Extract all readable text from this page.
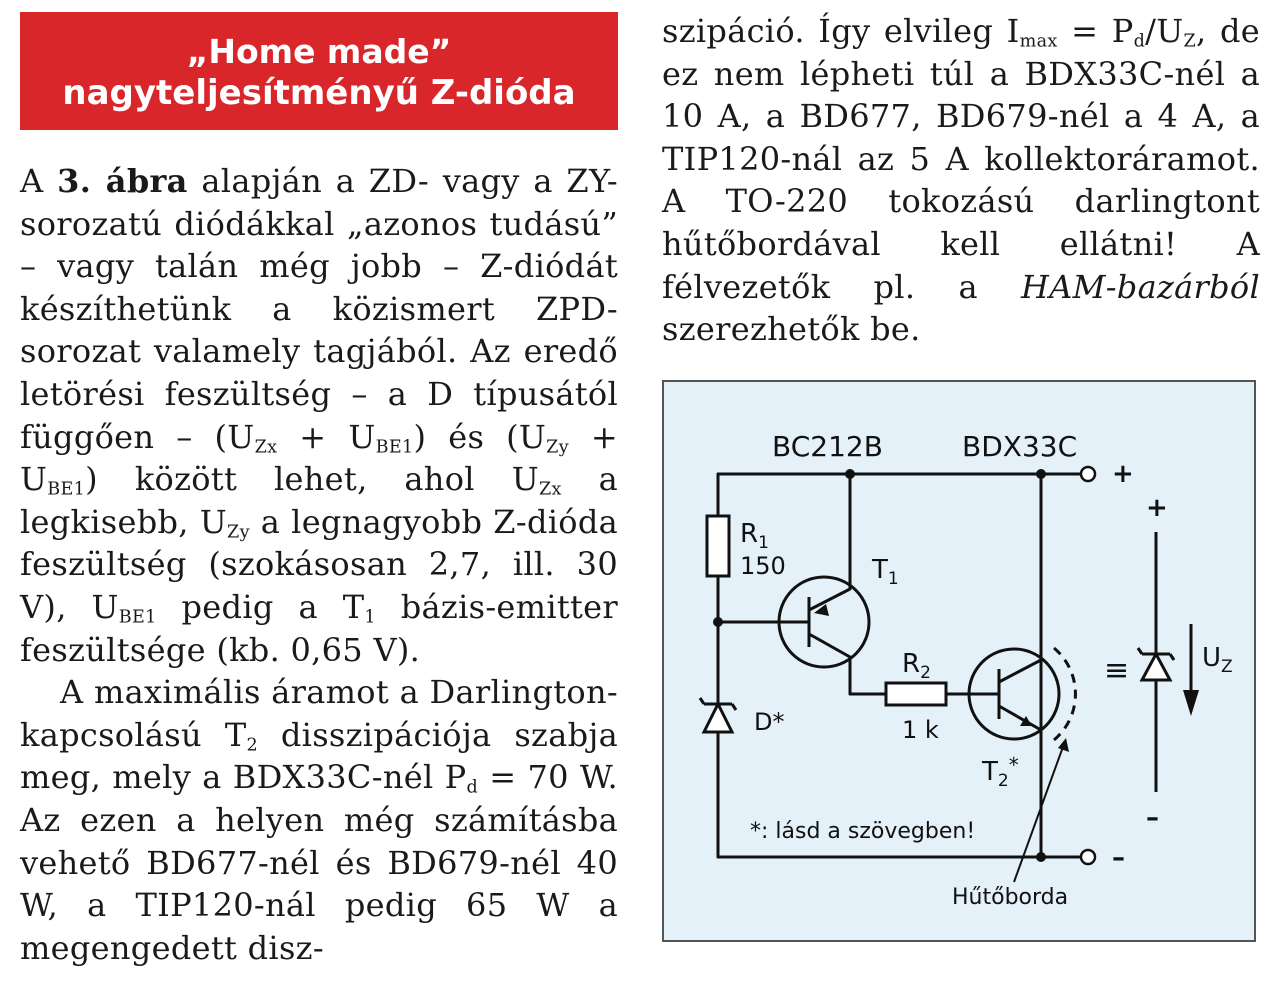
„Home made”
nagyteljesítményű Z-dióda

A 3. ábra alapján a ZD- vagy a ZY-sorozatú diódákkal „azonos tudású” – vagy talán még jobb – Z-diódát készíthetünk a közismert ZPD-sorozat valamely tagjából. Az eredő letörési feszültség – a D típusától függően – $(U_{Zx} + U_{BE1})$ és $(U_{Zy} + U_{BE1})$ között lehet, ahol $U_{Zx}$ a legkisebb, $U_{Zy}$ a legnagyobb Z-dióda feszültség (szokásosan 2,7, ill. 30 V), $U_{BE1}$ pedig a $T_1$ bázis-emitter feszültsége (kb. 0,65 V).

A maximális áramot a Darlington-kapcsolású $T_2$ disszipációja szabja meg, mely a BDX33C-nél $P_d = 70$ W. Az ezen a helyen még számításba vehető BD677-nél és BD679-nél 40 W, a TIP120-nál pedig 65 W a megengedett disz-

szipáció. Így elvileg $I_{max} = P_d/U_Z$, de ez nem lépheti túl a BDX33C-nél a 10 A, a BD677, BD679-nél a 4 A, a TIP120-nál az 5 A kollektoráramot. A TO-220 tokozású darlingtont hűtőbordával kell ellátni! A félvezetők pl. a HAM-bazárból szerezhetők be.

BC212B	BDX33C
+
–
$R_1$
150	$T_1$
$R_2$
1 k
D*
$T_2^*$
≡
+
–
$U_Z$
*: lásd a szövegben!
Hűtőborda
